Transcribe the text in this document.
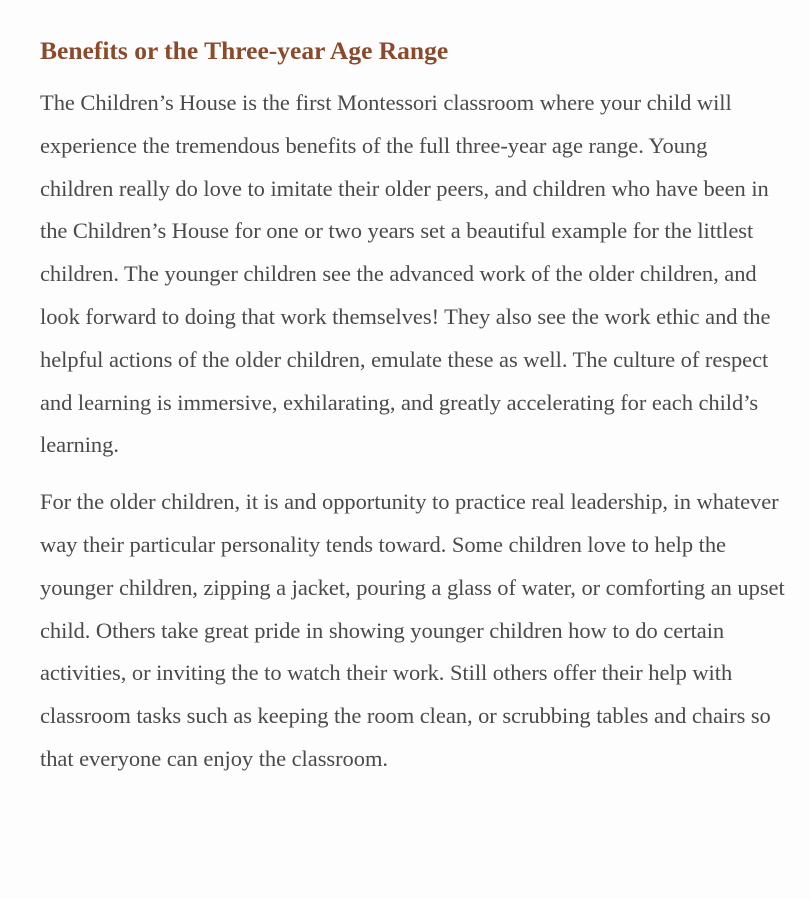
Benefits or the Three-year Age Range

The Children’s House is the first Montessori classroom where your child will experience the tremendous benefits of the full three-year age range. Young children really do love to imitate their older peers, and children who have been in the Children’s House for one or two years set a beautiful example for the littlest children. The younger children see the advanced work of the older children, and look forward to doing that work themselves! They also see the work ethic and the helpful actions of the older children, emulate these as well. The culture of respect and learning is immersive, exhilarating, and greatly accelerating for each child’s learning.

For the older children, it is and opportunity to practice real leadership, in whatever way their particular personality tends toward. Some children love to help the younger children, zipping a jacket, pouring a glass of water, or comforting an upset child. Others take great pride in showing younger children how to do certain activities, or inviting the to watch their work. Still others offer their help with classroom tasks such as keeping the room clean, or scrubbing tables and chairs so that everyone can enjoy the classroom.
